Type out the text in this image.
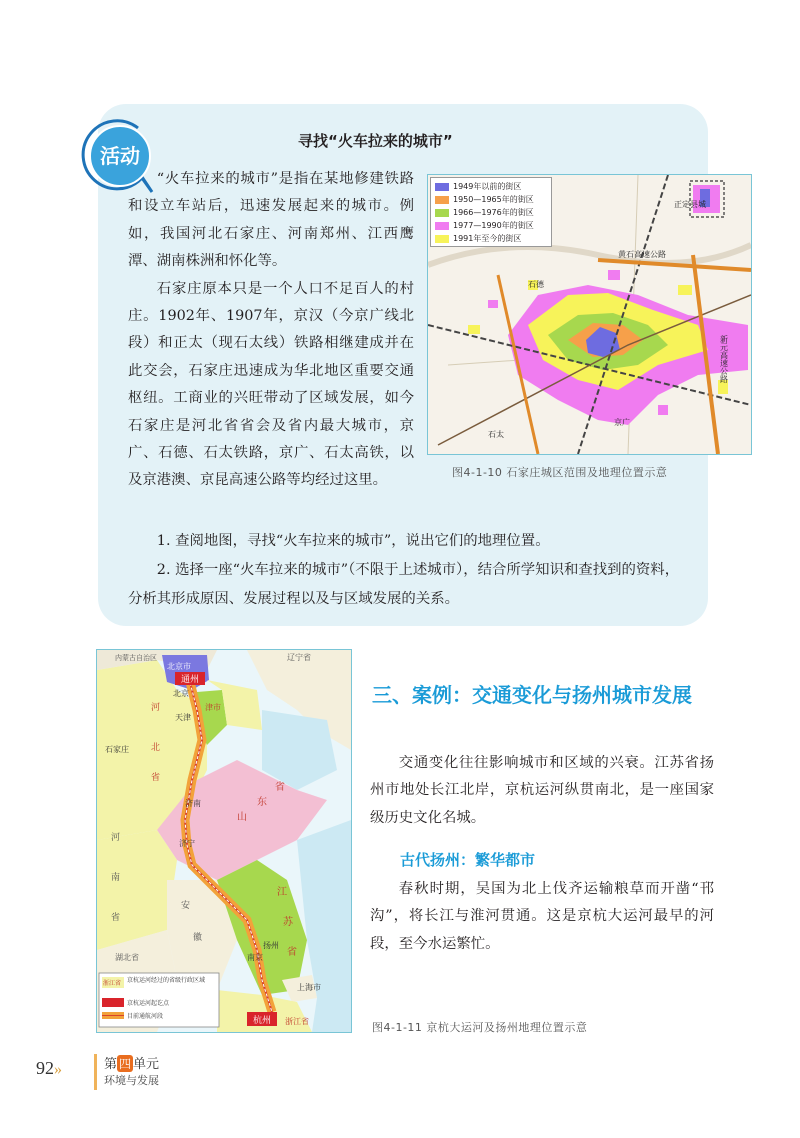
活动
寻找“火车拉来的城市”

“火车拉来的城市”是指在某地修建铁路和设立车站后，迅速发展起来的城市。例如，我国河北石家庄、河南郑州、江西鹰潭、湖南株洲和怀化等。

石家庄原本只是一个人口不足百人的村庄。1902年、1907年，京汉（今京广线北段）和正太（现石太线）铁路相继建成并在此交会，石家庄迅速成为华北地区重要交通枢纽。工商业的兴旺带动了区域发展，如今石家庄是河北省省会及省内最大城市，京广、石德、石太铁路，京广、石太高铁，以及京港澳、京昆高速公路等均经过这里。

正定县城
黄石高速公路
新元高速公路
石德
京广
石太
1949年以前的街区
1950—1965年的街区
1966—1976年的街区
1977—1990年的街区
1991年至今的街区
图4-1-10 石家庄城区范围及地理位置示意

1. 查阅地图，寻找“火车拉来的城市”，说出它们的地理位置。

2. 选择一座“火车拉来的城市”（不限于上述城市），结合所学知识和查找到的资料，分析其形成原因、发展过程以及与区域发展的关系。

通州
杭州
内蒙古自治区	辽宁省
北京市
北京
河
北
省
天津
津市
石家庄
山
东
省
济南
济宁
河
南
省
安
徽
江
苏
省
扬州
南京
湖北省
上海市
浙江省
浙江省 京杭运河经过的省级行政区域
京杭运河起讫点
目前通航河段
图4-1-11 京杭大运河及扬州地理位置示意
三、案例：交通变化与扬州城市发展

交通变化往往影响城市和区域的兴衰。江苏省扬州市地处长江北岸，京杭运河纵贯南北，是一座国家级历史文化名城。

古代扬州：繁华都市

春秋时期，吴国为北上伐齐运输粮草而开凿“邗沟”，将长江与淮河贯通。这是京杭大运河最早的河段，至今水运繁忙。

92»	第 四 单元
环境与发展
